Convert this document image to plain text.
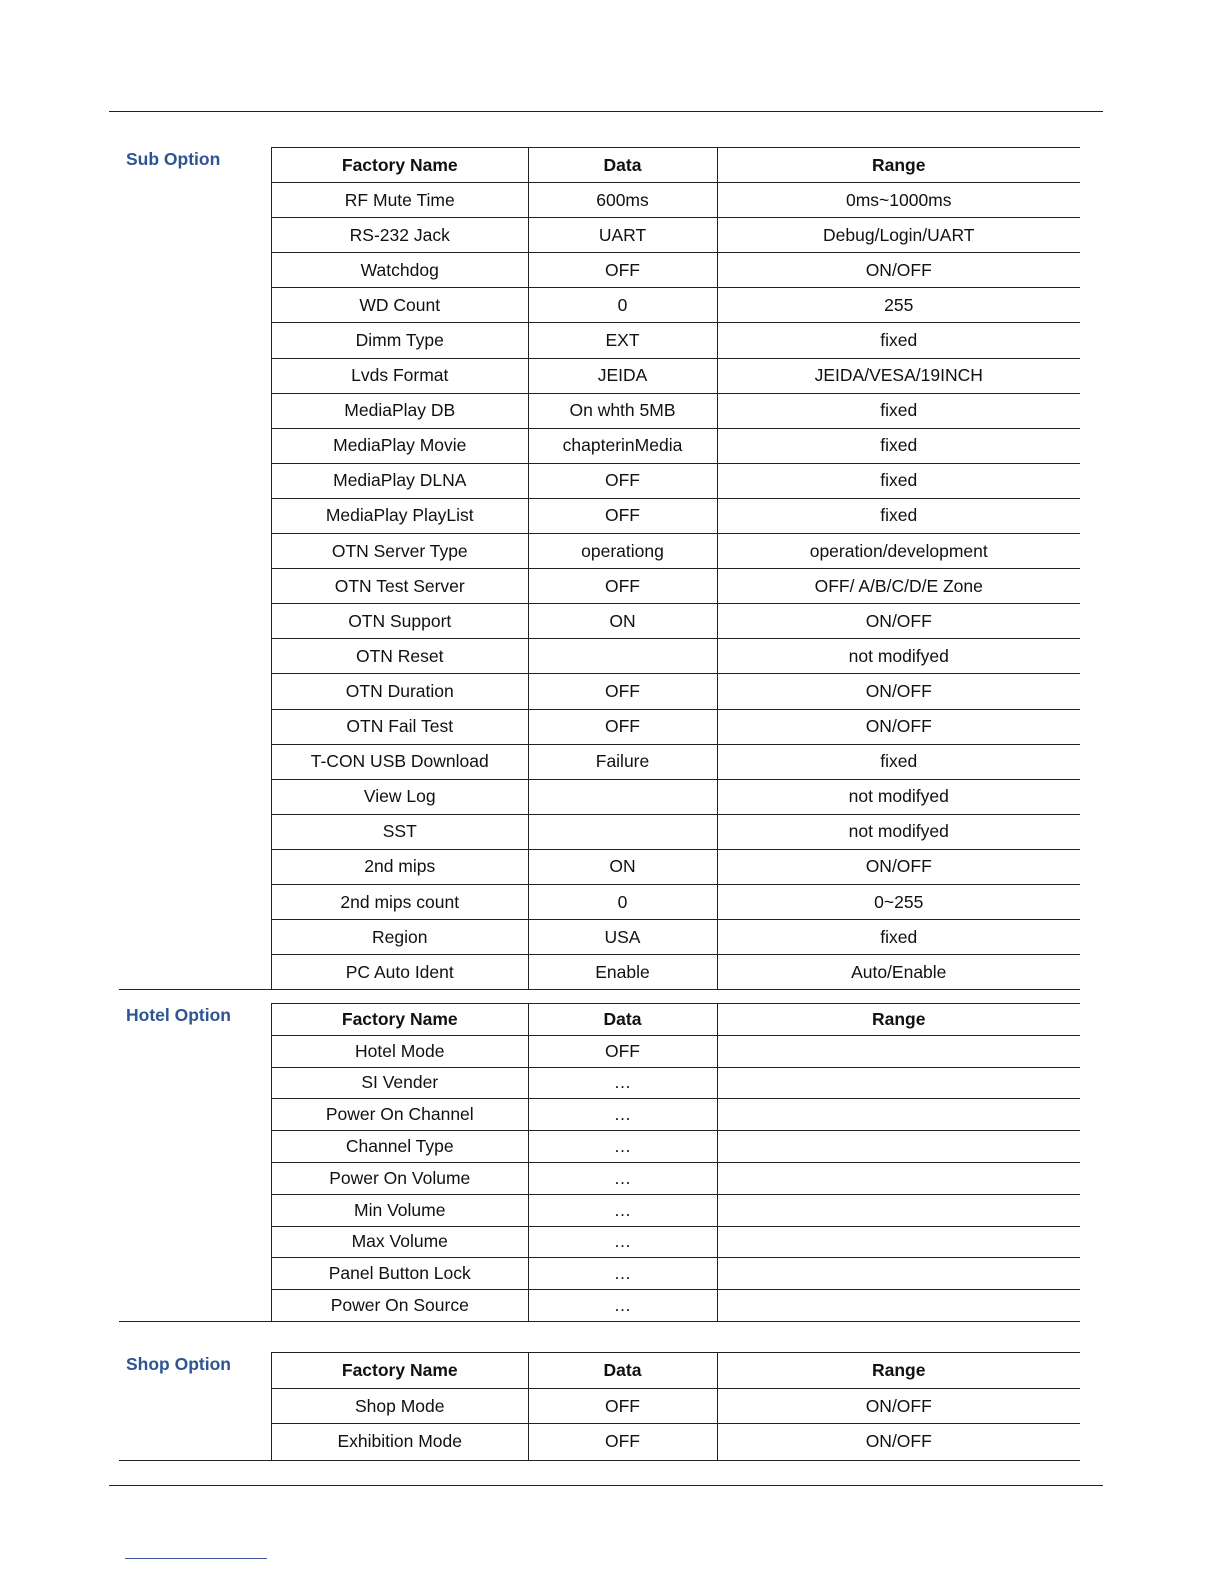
Sub Option	Factory Name	Data	Range
RF Mute Time	600ms	0ms~1000ms
RS-232 Jack	UART	Debug/Login/UART
Watchdog	OFF	ON/OFF
WD Count	0	255
Dimm Type	EXT	fixed
Lvds Format	JEIDA	JEIDA/VESA/19INCH
MediaPlay DB	On whth 5MB	fixed
MediaPlay Movie	chapterinMedia	fixed
MediaPlay DLNA	OFF	fixed
MediaPlay PlayList	OFF	fixed
OTN Server Type	operationg	operation/development
OTN Test Server	OFF	OFF/ A/B/C/D/E Zone
OTN Support	ON	ON/OFF
OTN Reset		not modifyed
OTN Duration	OFF	ON/OFF
OTN Fail Test	OFF	ON/OFF
T-CON USB Download	Failure	fixed
View Log		not modifyed
SST		not modifyed
2nd mips	ON	ON/OFF
2nd mips count	0	0~255
Region	USA	fixed
PC Auto Ident	Enable	Auto/Enable
Hotel Option	Factory Name	Data	Range
Hotel Mode	OFF	
SI Vender	…	
Power On Channel	…	
Channel Type	…	
Power On Volume	…	
Min Volume	…	
Max Volume	…	
Panel Button Lock	…	
Power On Source	…	
Shop Option	Factory Name	Data	Range
Shop Mode	OFF	ON/OFF
Exhibition Mode	OFF	ON/OFF
